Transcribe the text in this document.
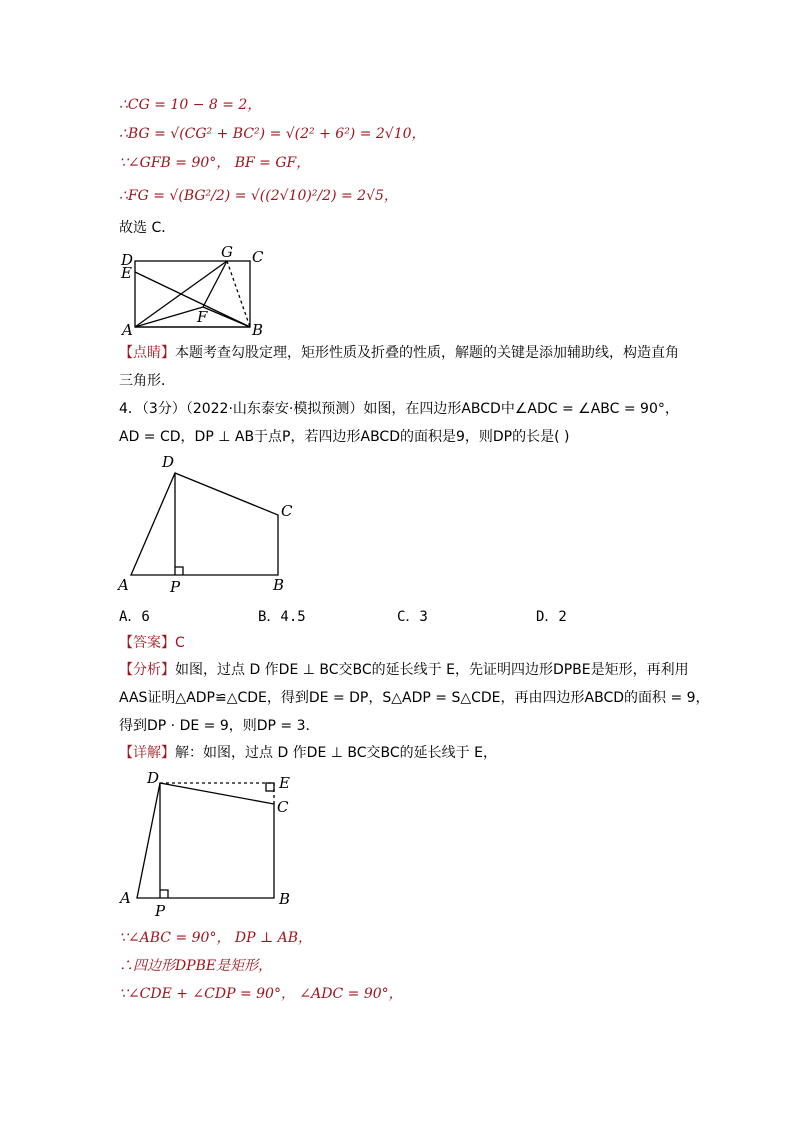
∴CG = 10 − 8 = 2，
∴BG = √(CG² + BC²) = √(2² + 6²) = 2√10，
∵∠GFB = 90°， BF = GF，
∴FG = √(BG²/2) = √((2√10)²/2) = 2√5，
故选 C．
D
E
G C
A
F
B
【点睛】本题考查勾股定理，矩形性质及折叠的性质，解题的关键是添加辅助线，构造直角
三角形．
4．（3分）（2022·山东泰安·模拟预测）如图，在四边形ABCD中∠ADC = ∠ABC = 90°，
AD = CD，DP ⊥ AB于点P，若四边形ABCD的面积是9，则DP的长是( )
D
C
A	P	B
A．6	B．4.5	C．3	D．2
【答案】C
【分析】如图，过点 D 作DE ⊥ BC交BC的延长线于 E，先证明四边形DPBE是矩形，再利用
AAS证明△ADP≌△CDE，得到DE = DP，S△ADP = S△CDE，再由四边形ABCD的面积 = 9，
得到DP · DE = 9，则DP = 3．
【详解】解：如图，过点 D 作DE ⊥ BC交BC的延长线于 E，
D	E
C
A
P
B
∵∠ABC = 90°， DP ⊥ AB，
∴四边形DPBE是矩形，
∵∠CDE + ∠CDP = 90°， ∠ADC = 90°，
